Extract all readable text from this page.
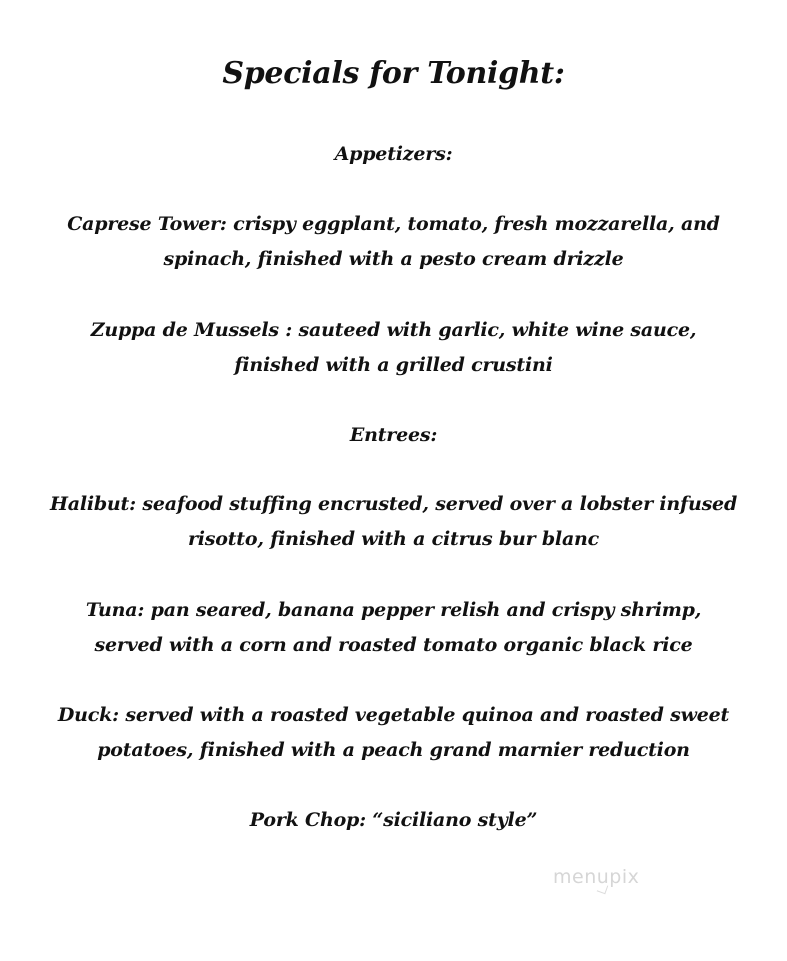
Specials for Tonight:
Appetizers:
Caprese Tower: crispy eggplant, tomato, fresh mozzarella, and
spinach, finished with a pesto cream drizzle
Zuppa de Mussels : sauteed with garlic, white wine sauce,
finished with a grilled crustini
Entrees:
Halibut: seafood stuffing encrusted, served over a lobster infused
risotto, finished with a citrus bur blanc
Tuna: pan seared, banana pepper relish and crispy shrimp,
served with a corn and roasted tomato organic black rice
Duck: served with a roasted vegetable quinoa and roasted sweet
potatoes, finished with a peach grand marnier reduction
Pork Chop: “siciliano style”
menupix
